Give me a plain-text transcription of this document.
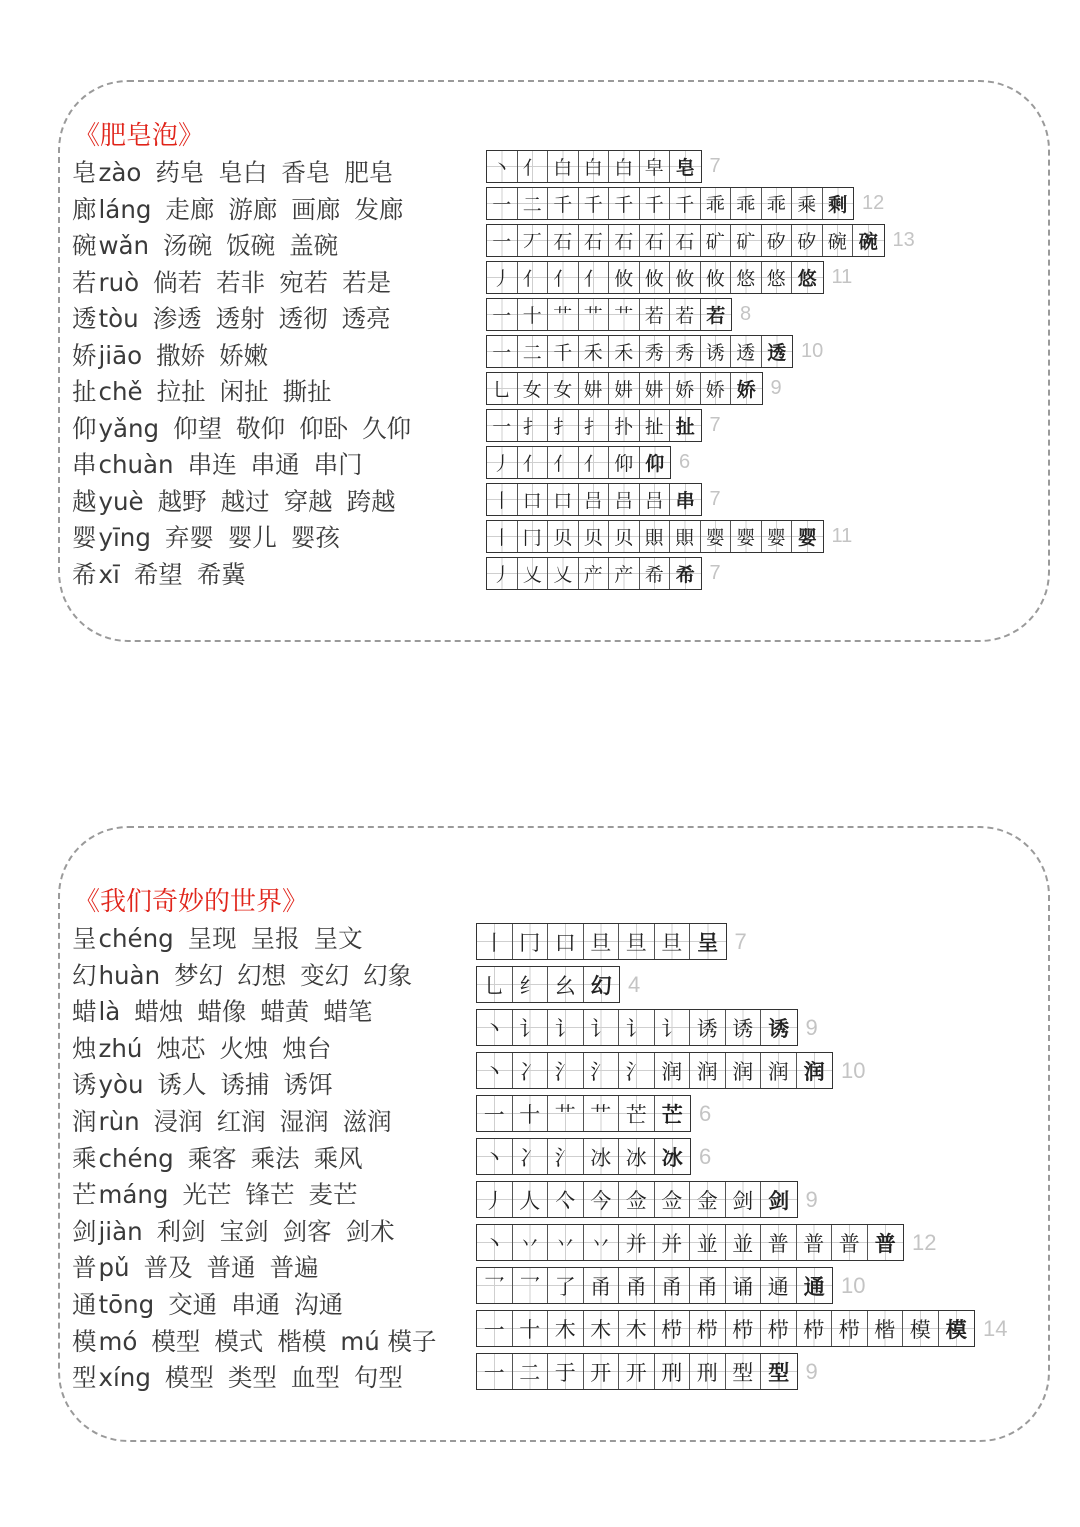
《肥皂泡》
皂zào 药皂 皂白 香皂 肥皂
廊láng 走廊 游廊 画廊 发廊
碗wǎn 汤碗 饭碗 盖碗
若ruò 倘若 若非 宛若 若是
透tòu 渗透 透射 透彻 透亮
娇jiāo 撒娇 娇嫩
扯chě 拉扯 闲扯 撕扯
仰yǎng 仰望 敬仰 仰卧 久仰
串chuàn 串连 串通 串门
越yuè 越野 越过 穿越 跨越
婴yīng 弃婴 婴儿 婴孩
希xī 希望 希冀
丶 亻 白 白 白 皁 皂 7
一 二 千 千 千 千 千 乖 乖 乖 乘 剩 12
一 丆 石 石 石 石 石 矿 矿 矽 矽 碗 碗 13
丿 亻 亻 亻 攸 攸 攸 攸 悠 悠 悠 11
一 十 艹 艹 艹 若 若 若 8
一 二 千 禾 禾 秀 秀 诱 透 透 10
乚 女 女 妌 妌 妌 娇 娇 娇 9
一 扌 扌 扌 扑 扯 扯 7
丿 亻 亻 亻 仰 仰 6
丨 口 口 吕 吕 吕 串 7
丨 冂 贝 贝 贝 賏 賏 婴 婴 婴 婴 11
丿 乂 乂 产 产 希 希 7
《我们奇妙的世界》
呈chéng 呈现 呈报 呈文
幻huàn 梦幻 幻想 变幻 幻象
蜡là 蜡烛 蜡像 蜡黄 蜡笔
烛zhú 烛芯 火烛 烛台
诱yòu 诱人 诱捕 诱饵
润rùn 浸润 红润 湿润 滋润
乘chéng 乘客 乘法 乘风
芒máng 光芒 锋芒 麦芒
剑jiàn 利剑 宝剑 剑客 剑术
普pǔ 普及 普通 普遍
通tōng 交通 串通 沟通
模mó 模型 模式 楷模 mú 模子
型xíng 模型 类型 血型 句型
丨 冂 口 旦 旦 旦 呈 7
乚 纟 幺 幻 4
丶 讠 讠 讠 讠 讠 诱 诱 诱 9
丶 冫 氵 氵 氵 润 润 润 润 润 10
一 十 艹 艹 芒 芒 6
丶 冫 氵 冰 冰 冰 6
丿 人 亽 今 佥 佥 金 剑 剑 9
丶 丷 丷 丷 并 并 並 並 普 普 普 普 12
乛 乛 了 甬 甬 甬 甬 诵 通 通 10
一 十 木 木 木 栉 栉 栉 栉 栉 栉 楷 模 模 14
一 二 于 开 开 刑 刑 型 型 9
